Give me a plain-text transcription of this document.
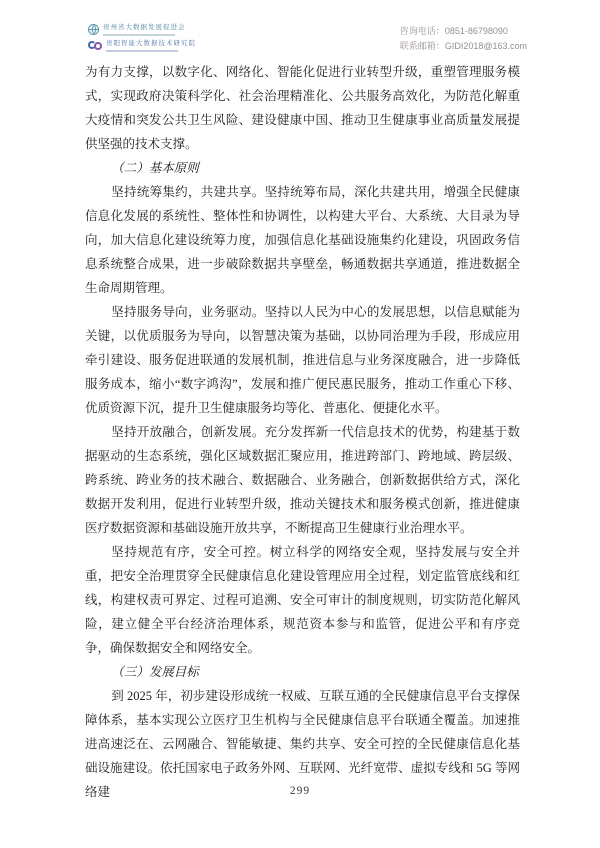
贵州省大数据发展促进会
贵阳智能大数据技术研究院
咨询电话：0851-86798090
联系邮箱：GIDI2018@163.com

为有力支撑，以数字化、网络化、智能化促进行业转型升级，重塑管理服务模式，实现政府决策科学化、社会治理精准化、公共服务高效化，为防范化解重大疫情和突发公共卫生风险、建设健康中国、推动卫生健康事业高质量发展提供坚强的技术支撑。

（二）基本原则

坚持统筹集约，共建共享。坚持统筹布局，深化共建共用，增强全民健康信息化发展的系统性、整体性和协调性，以构建大平台、大系统、大目录为导向，加大信息化建设统筹力度，加强信息化基础设施集约化建设，巩固政务信息系统整合成果，进一步破除数据共享壁垒，畅通数据共享通道，推进数据全生命周期管理。

坚持服务导向，业务驱动。坚持以人民为中心的发展思想，以信息赋能为关键，以优质服务为导向，以智慧决策为基础，以协同治理为手段，形成应用牵引建设、服务促进联通的发展机制，推进信息与业务深度融合，进一步降低服务成本，缩小“数字鸿沟”，发展和推广便民惠民服务，推动工作重心下移、优质资源下沉，提升卫生健康服务均等化、普惠化、便捷化水平。

坚持开放融合，创新发展。充分发挥新一代信息技术的优势，构建基于数据驱动的生态系统，强化区域数据汇聚应用，推进跨部门、跨地域、跨层级、跨系统、跨业务的技术融合、数据融合、业务融合，创新数据供给方式，深化数据开发利用，促进行业转型升级，推动关键技术和服务模式创新，推进健康医疗数据资源和基础设施开放共享，不断提高卫生健康行业治理水平。

坚持规范有序，安全可控。树立科学的网络安全观，坚持发展与安全并重，把安全治理贯穿全民健康信息化建设管理应用全过程，划定监管底线和红线，构建权责可界定、过程可追溯、安全可审计的制度规则，切实防范化解风险，建立健全平台经济治理体系，规范资本参与和监管，促进公平和有序竞争，确保数据安全和网络安全。

（三）发展目标

到 2025 年，初步建设形成统一权威、互联互通的全民健康信息平台支撑保障体系，基本实现公立医疗卫生机构与全民健康信息平台联通全覆盖。加速推进高速泛在、云网融合、智能敏捷、集约共享、安全可控的全民健康信息化基础设施建设。依托国家电子政务外网、互联网、光纤宽带、虚拟专线和 5G 等网络建	299
